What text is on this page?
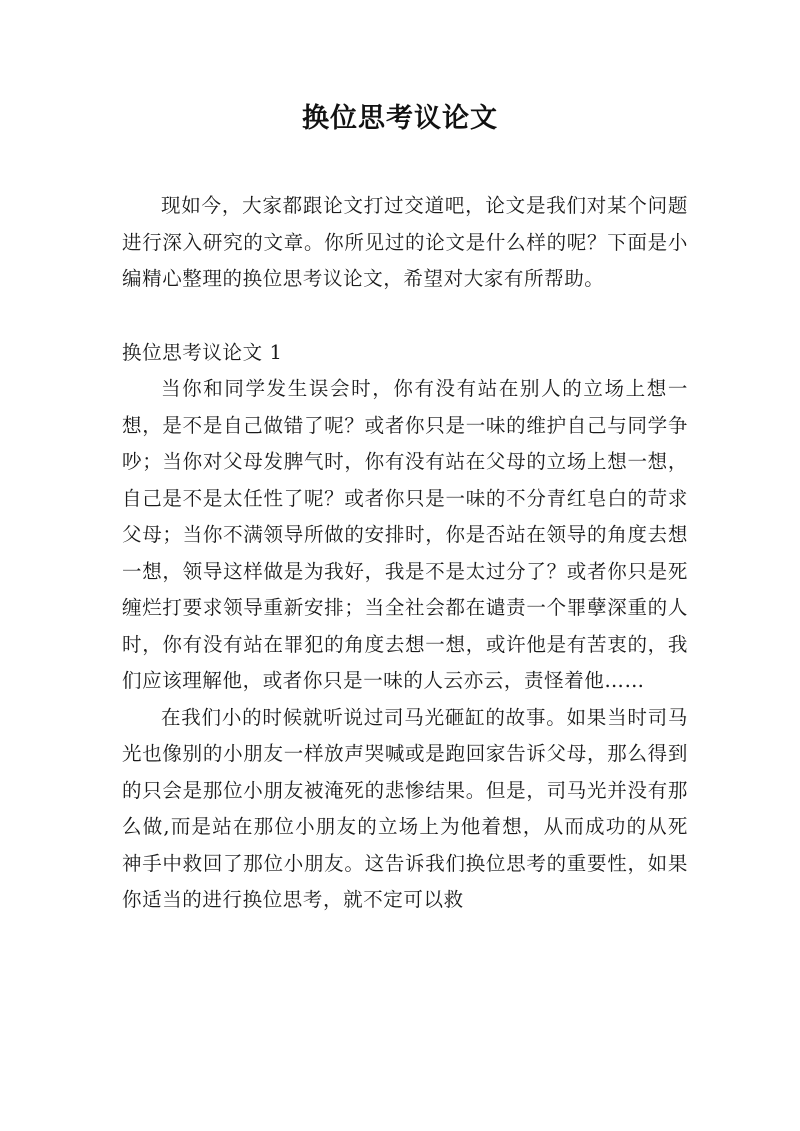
换位思考议论文

现如今，大家都跟论文打过交道吧，论文是我们对某个问题进行深入研究的文章。你所见过的论文是什么样的呢？下面是小编精心整理的换位思考议论文，希望对大家有所帮助。

换位思考议论文 1

当你和同学发生误会时，你有没有站在别人的立场上想一想，是不是自己做错了呢？或者你只是一味的维护自己与同学争吵；当你对父母发脾气时，你有没有站在父母的立场上想一想，自己是不是太任性了呢？或者你只是一味的不分青红皂白的苛求父母；当你不满领导所做的安排时，你是否站在领导的角度去想一想，领导这样做是为我好，我是不是太过分了？或者你只是死缠烂打要求领导重新安排；当全社会都在谴责一个罪孽深重的人时，你有没有站在罪犯的角度去想一想，或许他是有苦衷的，我们应该理解他，或者你只是一味的人云亦云，责怪着他……

在我们小的时候就听说过司马光砸缸的故事。如果当时司马光也像别的小朋友一样放声哭喊或是跑回家告诉父母，那么得到的只会是那位小朋友被淹死的悲惨结果。但是，司马光并没有那么做,而是站在那位小朋友的立场上为他着想，从而成功的从死神手中救回了那位小朋友。这告诉我们换位思考的重要性，如果你适当的进行换位思考，就不定可以救
